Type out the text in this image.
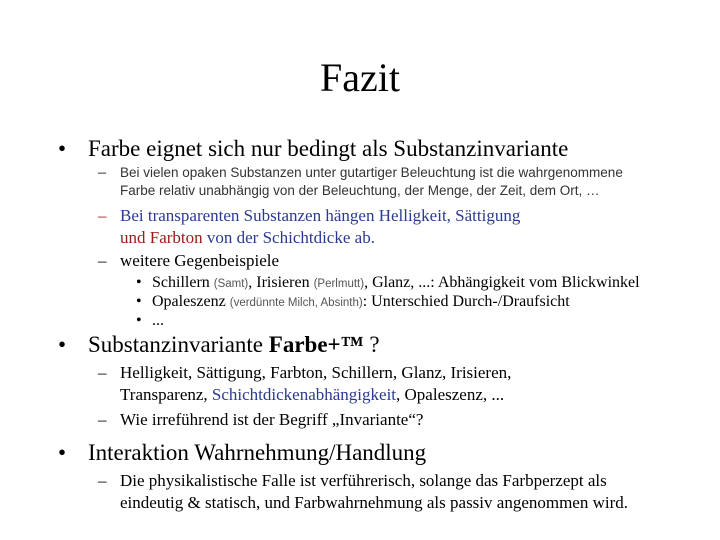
Fazit
• Farbe eignet sich nur bedingt als Substanzinvariante
– Bei vielen opaken Substanzen unter gutartiger Beleuchtung ist die wahrgenommene
Farbe relativ unabhängig von der Beleuchtung, der Menge, der Zeit, dem Ort, …
– Bei transparenten Substanzen hängen Helligkeit, Sättigung
und Farbton von der Schichtdicke ab.
– weitere Gegenbeispiele
• Schillern (Samt), Irisieren (Perlmutt), Glanz, ...: Abhängigkeit vom Blickwinkel
• Opaleszenz (verdünnte Milch, Absinth): Unterschied Durch-/Draufsicht
• ...
• Substanzinvariante Farbe+™ ?
– Helligkeit, Sättigung, Farbton, Schillern, Glanz, Irisieren,
Transparenz, Schichtdickenabhängigkeit, Opaleszenz, ...
– Wie irreführend ist der Begriff „Invariante“?
• Interaktion Wahrnehmung/Handlung
– Die physikalistische Falle ist verführerisch, solange das Farbperzept als
eindeutig & statisch, und Farbwahrnehmung als passiv angenommen wird.
